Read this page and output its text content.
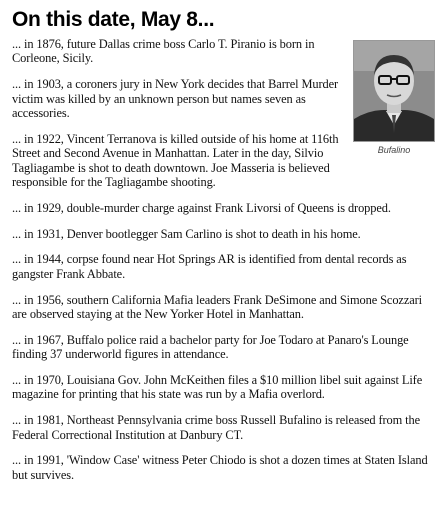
On this date, May 8...
Bufalino
... in 1876, future Dallas crime boss Carlo T. Piranio is born in Corleone, Sicily.
... in 1903, a coroners jury in New York decides that Barrel Murder victim was killed by an unknown person but names seven as accessories.
... in 1922, Vincent Terranova is killed outside of his home at 116th Street and Second Avenue in Manhattan. Later in the day, Silvio Tagliagambe is shot to death downtown. Joe Masseria is believed responsible for the Tagliagambe shooting.
... in 1929, double-murder charge against Frank Livorsi of Queens is dropped.
... in 1931, Denver bootlegger Sam Carlino is shot to death in his home.
... in 1944, corpse found near Hot Springs AR is identified from dental records as gangster Frank Abbate.
... in 1956, southern California Mafia leaders Frank DeSimone and Simone Scozzari are observed staying at the New Yorker Hotel in Manhattan.
... in 1967, Buffalo police raid a bachelor party for Joe Todaro at Panaro's Lounge finding 37 underworld figures in attendance.
... in 1970, Louisiana Gov. John McKeithen files a $10 million libel suit against Life magazine for printing that his state was run by a Mafia overlord.
... in 1981, Northeast Pennsylvania crime boss Russell Bufalino is released from the Federal Correctional Institution at Danbury CT.
... in 1991, 'Window Case' witness Peter Chiodo is shot a dozen times at Staten Island but survives.
